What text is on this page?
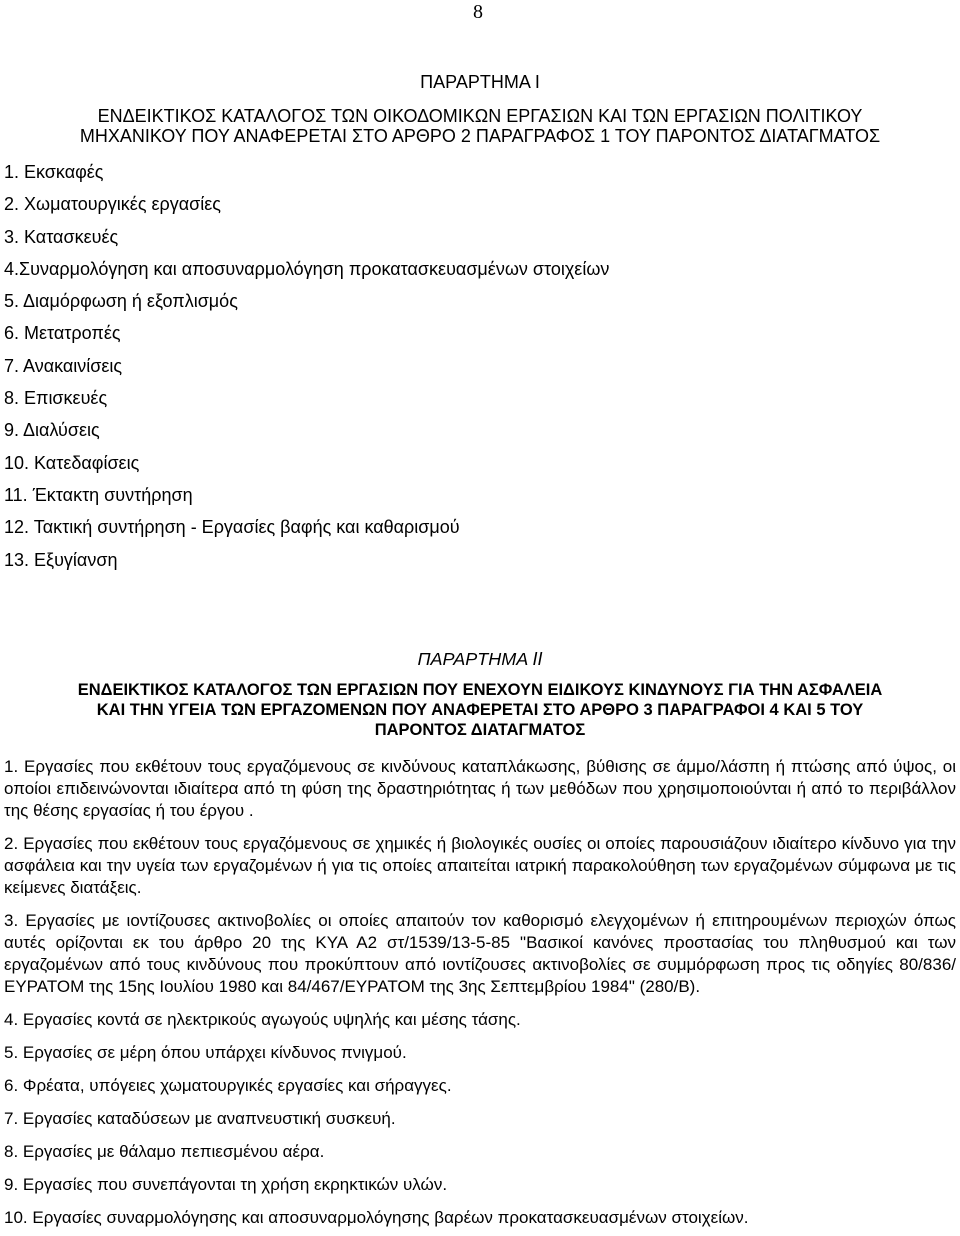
8
ΠΑΡΑΡΤΗΜΑ I
ΕΝΔΕΙΚΤΙΚΟΣ ΚΑΤΑΛΟΓΟΣ ΤΩΝ ΟΙΚΟΔΟΜΙΚΩΝ ΕΡΓΑΣΙΩΝ ΚΑΙ ΤΩΝ ΕΡΓΑΣΙΩΝ ΠΟΛΙΤΙΚΟΥ
ΜΗΧΑΝΙΚΟΥ ΠΟΥ ΑΝΑΦΕΡΕΤΑΙ ΣΤΟ ΑΡΘΡΟ 2 ΠΑΡΑΓΡΑΦΟΣ 1 ΤΟΥ ΠΑΡΟΝΤΟΣ ΔΙΑΤΑΓΜΑΤΟΣ
1. Εκσκαφές
2. Χωματουργικές εργασίες
3. Κατασκευές
4.Συναρμολόγηση και αποσυναρμολόγηση προκατασκευασμένων στοιχείων
5. Διαμόρφωση ή εξοπλισμός
6. Μετατροπές
7. Ανακαινίσεις
8. Επισκευές
9. Διαλύσεις
10. Κατεδαφίσεις
11. Έκτακτη συντήρηση
12. Τακτική συντήρηση - Εργασίες βαφής και καθαρισμού
13. Εξυγίανση
ΠΑΡΑΡΤΗΜΑ II
ΕΝΔΕΙΚΤΙΚΟΣ ΚΑΤΑΛΟΓΟΣ ΤΩΝ ΕΡΓΑΣΙΩΝ ΠΟΥ ΕΝΕΧΟΥΝ ΕΙΔΙΚΟΥΣ ΚΙΝΔΥΝΟΥΣ ΓΙΑ ΤΗΝ ΑΣΦΑΛΕΙΑ
ΚΑΙ ΤΗΝ ΥΓΕΙΑ ΤΩΝ ΕΡΓΑΖΟΜΕΝΩΝ ΠΟΥ ΑΝΑΦΕΡΕΤΑΙ ΣΤΟ ΑΡΘΡΟ 3 ΠΑΡΑΓΡΑΦΟΙ 4 ΚΑΙ 5 ΤΟΥ
ΠΑΡΟΝΤΟΣ ΔΙΑΤΑΓΜΑΤΟΣ

1. Εργασίες που εκθέτουν τους εργαζόμενους σε κινδύνους καταπλάκωσης, βύθισης σε άμμο/λάσπη ή πτώσης από ύψος, οι οποίοι επιδεινώνονται ιδιαίτερα από τη φύση της δραστηριότητας ή των μεθόδων που χρησιμοποιούνται ή από το περιβάλλον της θέσης εργασίας ή του έργου .

2. Εργασίες που εκθέτουν τους εργαζόμενους σε χημικές ή βιολογικές ουσίες οι οποίες παρουσιάζουν ιδιαίτερο κίνδυνο για την ασφάλεια και την υγεία των εργαζομένων ή για τις οποίες απαιτείται ιατρική παρακολούθηση των εργαζομένων σύμφωνα με τις κείμενες διατάξεις.

3. Εργασίες με ιοντίζουσες ακτινοβολίες οι οποίες απαιτούν τον καθορισμό ελεγχομένων ή επιτηρουμένων περιοχών όπως αυτές ορίζονται εκ του άρθρο 20 της ΚΥΑ Α2 στ/1539/13-5-85 "Βασικοί κανόνες προστασίας του πληθυσμού και των εργαζομένων από τους κινδύνους που προκύπτουν από ιοντίζουσες ακτινοβολίες σε συμμόρφωση προς τις οδηγίες 80/836/ΕΥΡΑΤΟΜ της 15ης Ιουλίου 1980 και 84/467/ΕΥΡΑΤΟΜ της 3ης Σεπτεμβρίου 1984" (280/Β).

4. Εργασίες κοντά σε ηλεκτρικούς αγωγούς υψηλής και μέσης τάσης.

5. Εργασίες σε μέρη όπου υπάρχει κίνδυνος πνιγμού.

6. Φρέατα, υπόγειες χωματουργικές εργασίες και σήραγγες.

7. Εργασίες καταδύσεων με αναπνευστική συσκευή.

8. Εργασίες με θάλαμο πεπιεσμένου αέρα.

9. Εργασίες που συνεπάγονται τη χρήση εκρηκτικών υλών.

10. Εργασίες συναρμολόγησης και αποσυναρμολόγησης βαρέων προκατασκευασμένων στοιχείων.
